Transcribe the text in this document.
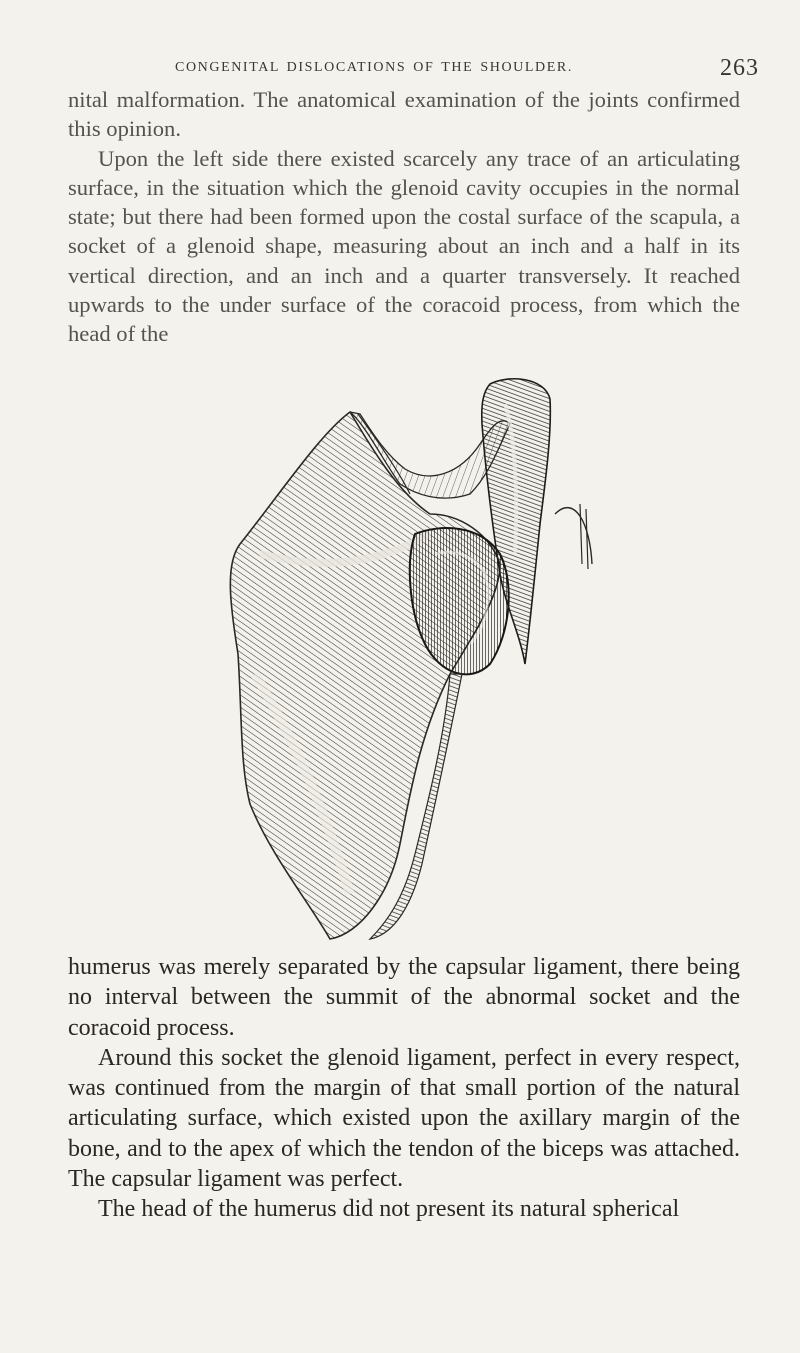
CONGENITAL DISLOCATIONS OF THE SHOULDER.	263
nital malformation. The anatomical examination of the joints confirmed this opinion.
Upon the left side there existed scarcely any trace of an articulating surface, in the situation which the glenoid cavity occupies in the normal state; but there had been formed upon the costal surface of the scapula, a socket of a glenoid shape, measuring about an inch and a half in its vertical direction, and an inch and a quarter transversely. It reached upwards to the under surface of the coracoid process, from which the head of the
humerus was merely separated by the capsular ligament, there being no interval between the summit of the abnormal socket and the coracoid process.
Around this socket the glenoid ligament, perfect in every respect, was continued from the margin of that small portion of the natural articulating surface, which existed upon the axillary margin of the bone, and to the apex of which the tendon of the biceps was attached. The capsular ligament was perfect.
The head of the humerus did not present its natural spherical
